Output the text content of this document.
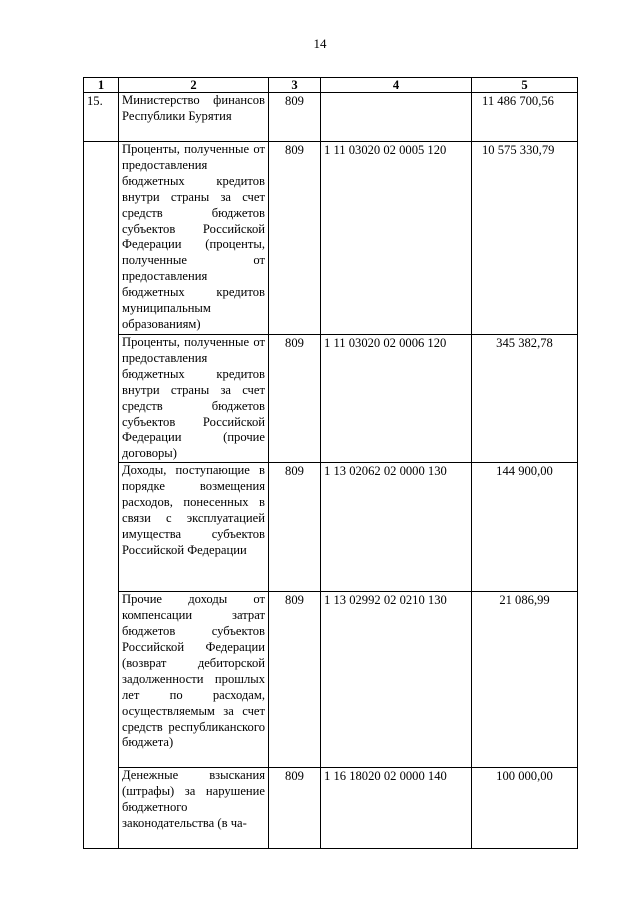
14
1	2	3	4	5
15.	Министерство финансов Республики Бурятия	809		11 486 700,56
	Проценты, полученные от предоставления бюджетных кредитов внутри страны за счет средств бюджетов субъектов Российской Федерации (проценты, полученные от предоставления бюджетных кредитов муниципальным образованиям)	809	1 11 03020 02 0005 120	10 575 330,79
	Проценты, полученные от предоставления бюджетных кредитов внутри страны за счет средств бюджетов субъектов Российской Федерации (прочие договоры)	809	1 11 03020 02 0006 120	345 382,78
	Доходы, поступающие в порядке возмещения расходов, понесенных в связи с эксплуатацией имущества субъектов Российской Федерации	809	1 13 02062 02 0000 130	144 900,00
	Прочие доходы от компенсации затрат бюджетов субъектов Российской Федерации (возврат дебиторской задолженности прошлых лет по расходам, осуществляемым за счет средств республиканского бюджета)	809	1 13 02992 02 0210 130	21 086,99
	Денежные взыскания (штрафы) за нарушение бюджетного законодательства (в ча-	809	1 16 18020 02 0000 140	100 000,00
